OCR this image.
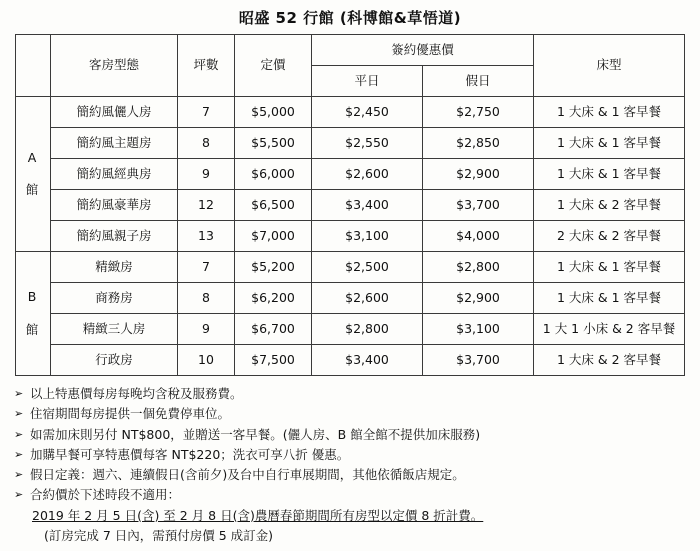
昭盛 52 行館 (科博館&草悟道)
	客房型態	坪數	定價	簽約優惠價		床型
				平日	假日	

A
館	簡約風儷人房	7	$5,000	$2,450	$2,750	1 大床 & 1 客早餐
	簡約風主題房	8	$5,500	$2,550	$2,850	1 大床 & 1 客早餐
	簡約風經典房	9	$6,000	$2,600	$2,900	1 大床 & 1 客早餐
	簡約風豪華房	12	$6,500	$3,400	$3,700	1 大床 & 2 客早餐
	簡約風親子房	13	$7,000	$3,100	$4,000	2 大床 & 2 客早餐

B
館	精緻房	7	$5,200	$2,500	$2,800	1 大床 & 1 客早餐
	商務房	8	$6,200	$2,600	$2,900	1 大床 & 1 客早餐
	精緻三人房	9	$6,700	$2,800	$3,100	1 大 1 小床 & 2 客早餐
	行政房	10	$7,500	$3,400	$3,700	1 大床 & 2 客早餐
➢ 以上特惠價每房每晚均含稅及服務費。
➢ 住宿期間每房提供一個免費停車位。
➢ 如需加床則另付 NT$800，並贈送一客早餐。(儷人房、B 館全館不提供加床服務)
➢ 加購早餐可享特惠價每客 NT$220；洗衣可享八折 優惠。
➢ 假日定義：週六、連續假日(含前夕)及台中自行車展期間，其他依循飯店規定。
➢ 合約價於下述時段不適用：
2019 年 2 月 5 日(含) 至 2 月 8 日(含)農曆春節期間所有房型以定價 8 折計費。
(訂房完成 7 日內，需預付房價 5 成訂金)
